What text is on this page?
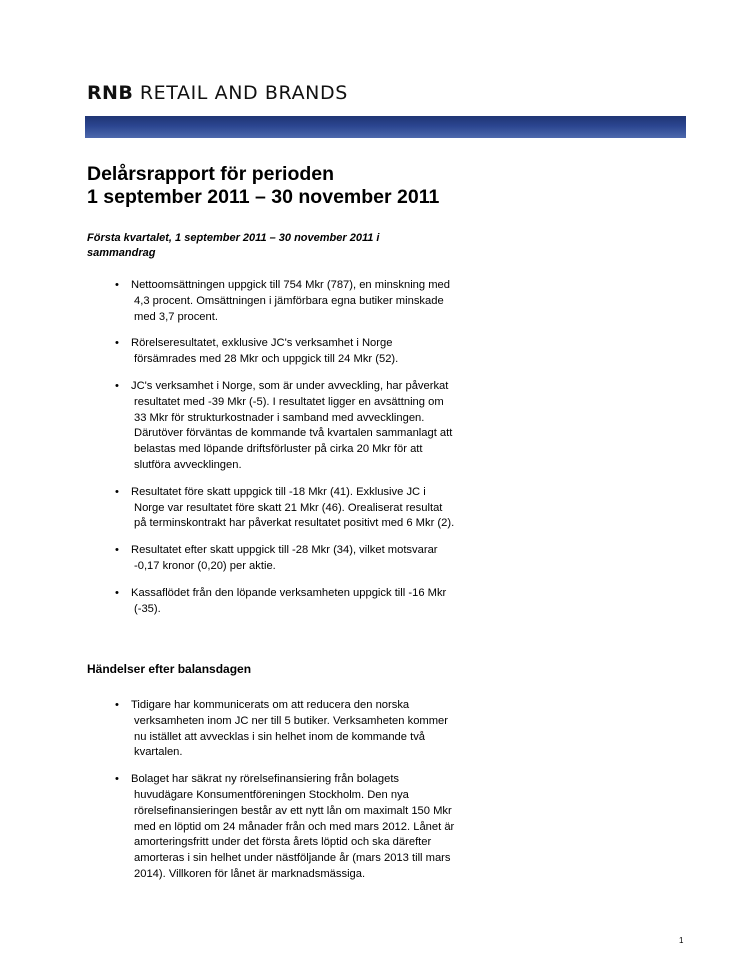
RNB RETAIL AND BRANDS
Delårsrapport för perioden
1 september 2011 – 30 november 2011

Första kvartalet, 1 september 2011 – 30 november 2011 i sammandrag

• Nettoomsättningen uppgick till 754 Mkr (787), en minskning med
4,3 procent. Omsättningen i jämförbara egna butiker minskade
med 3,7 procent.
• Rörelseresultatet, exklusive JC's verksamhet i Norge
försämrades med 28 Mkr och uppgick till 24 Mkr (52).
• JC's verksamhet i Norge, som är under avveckling, har påverkat
resultatet med -39 Mkr (-5). I resultatet ligger en avsättning om
33 Mkr för strukturkostnader i samband med avvecklingen.
Därutöver förväntas de kommande två kvartalen sammanlagt att
belastas med löpande driftsförluster på cirka 20 Mkr för att
slutföra avvecklingen.
• Resultatet före skatt uppgick till -18 Mkr (41). Exklusive JC i
Norge var resultatet före skatt 21 Mkr (46). Orealiserat resultat
på terminskontrakt har påverkat resultatet positivt med 6 Mkr (2).
• Resultatet efter skatt uppgick till -28 Mkr (34), vilket motsvarar
-0,17 kronor (0,20) per aktie.
• Kassaflödet från den löpande verksamheten uppgick till -16 Mkr
(-35).
Händelser efter balansdagen
• Tidigare har kommunicerats om att reducera den norska
verksamheten inom JC ner till 5 butiker. Verksamheten kommer
nu istället att avvecklas i sin helhet inom de kommande två
kvartalen.
• Bolaget har säkrat ny rörelsefinansiering från bolagets
huvudägare Konsumentföreningen Stockholm. Den nya
rörelsefinansieringen består av ett nytt lån om maximalt 150 Mkr
med en löptid om 24 månader från och med mars 2012. Lånet är
amorteringsfritt under det första årets löptid och ska därefter
amorteras i sin helhet under nästföljande år (mars 2013 till mars
2014). Villkoren för lånet är marknadsmässiga.
1
